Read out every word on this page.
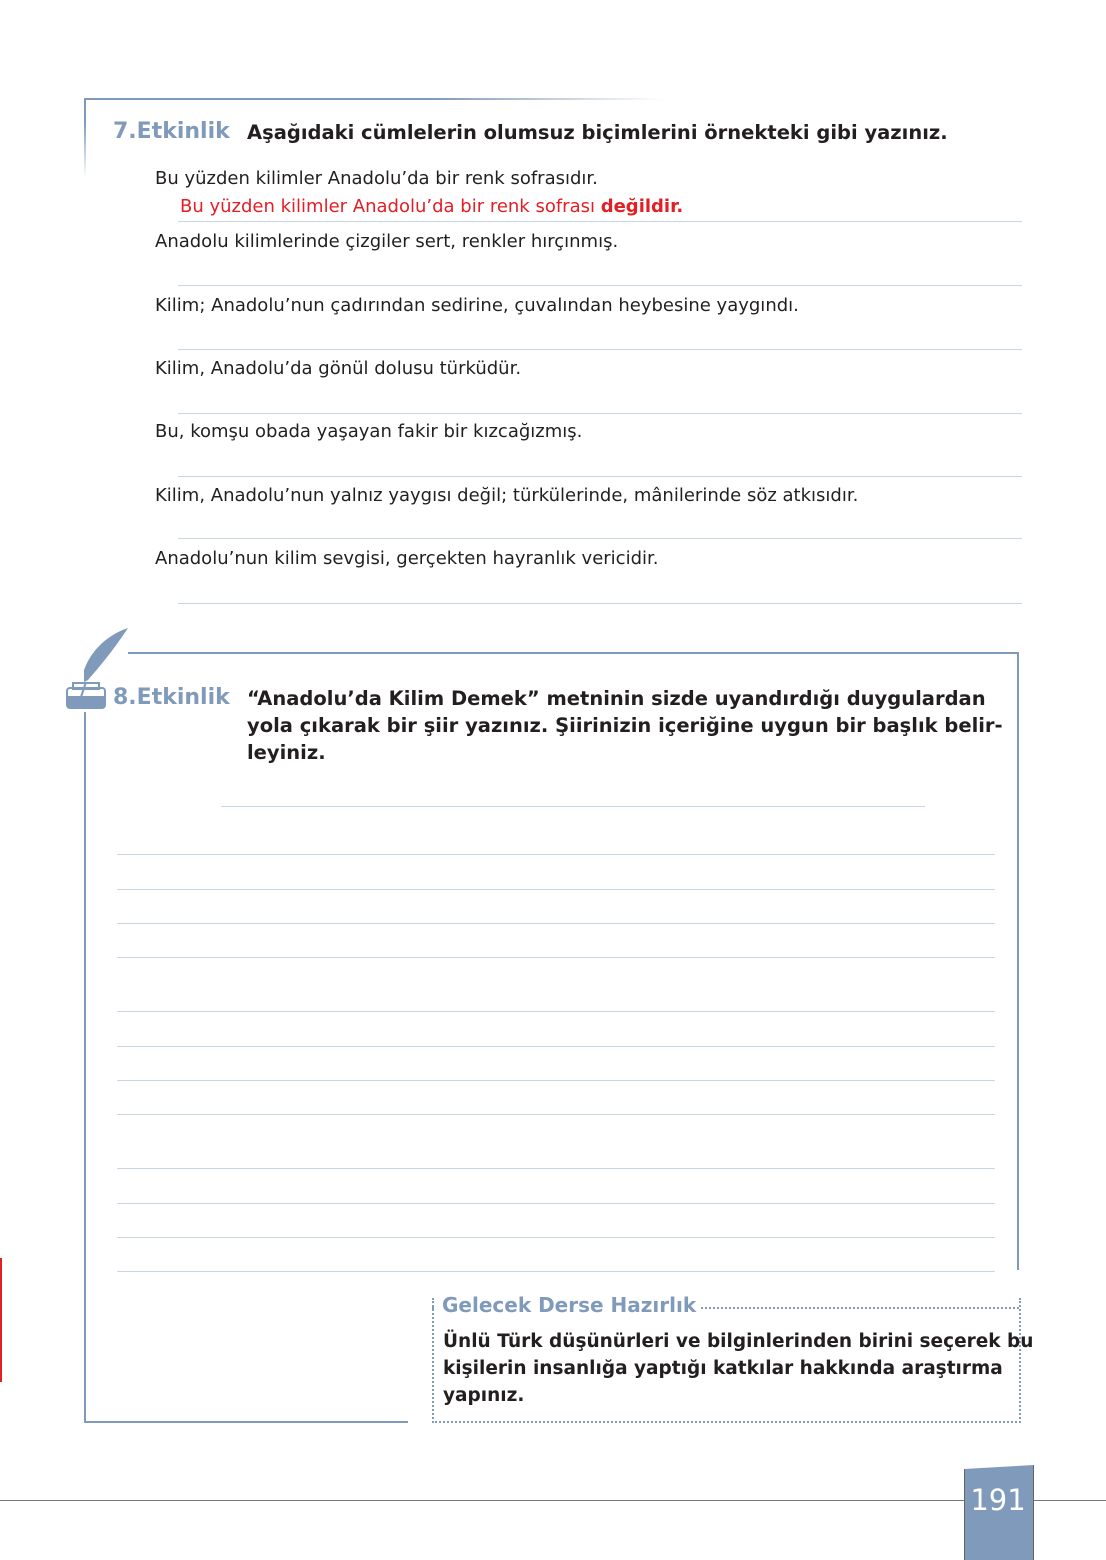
7.Etkinlik Aşağıdaki cümlelerin olumsuz biçimlerini örnekteki gibi yazınız.
Bu yüzden kilimler Anadolu’da bir renk sofrasıdır.
Bu yüzden kilimler Anadolu’da bir renk sofrası değildir.
Anadolu kilimlerinde çizgiler sert, renkler hırçınmış.
Kilim; Anadolu’nun çadırından sedirine, çuvalından heybesine yaygındı.
Kilim, Anadolu’da gönül dolusu türküdür.
Bu, komşu obada yaşayan fakir bir kızcağızmış.
Kilim, Anadolu’nun yalnız yaygısı değil; türkülerinde, mânilerinde söz atkısıdır.
Anadolu’nun kilim sevgisi, gerçekten hayranlık vericidir.
8.Etkinlik “Anadolu’da Kilim Demek” metninin sizde uyandırdığı duygulardan
yola çıkarak bir şiir yazınız. Şiirinizin içeriğine uygun bir başlık belir-
leyiniz.
Gelecek Derse Hazırlık
Ünlü Türk düşünürleri ve bilginlerinden birini seçerek bu
kişilerin insanlığa yaptığı katkılar hakkında araştırma
yapınız.
191
